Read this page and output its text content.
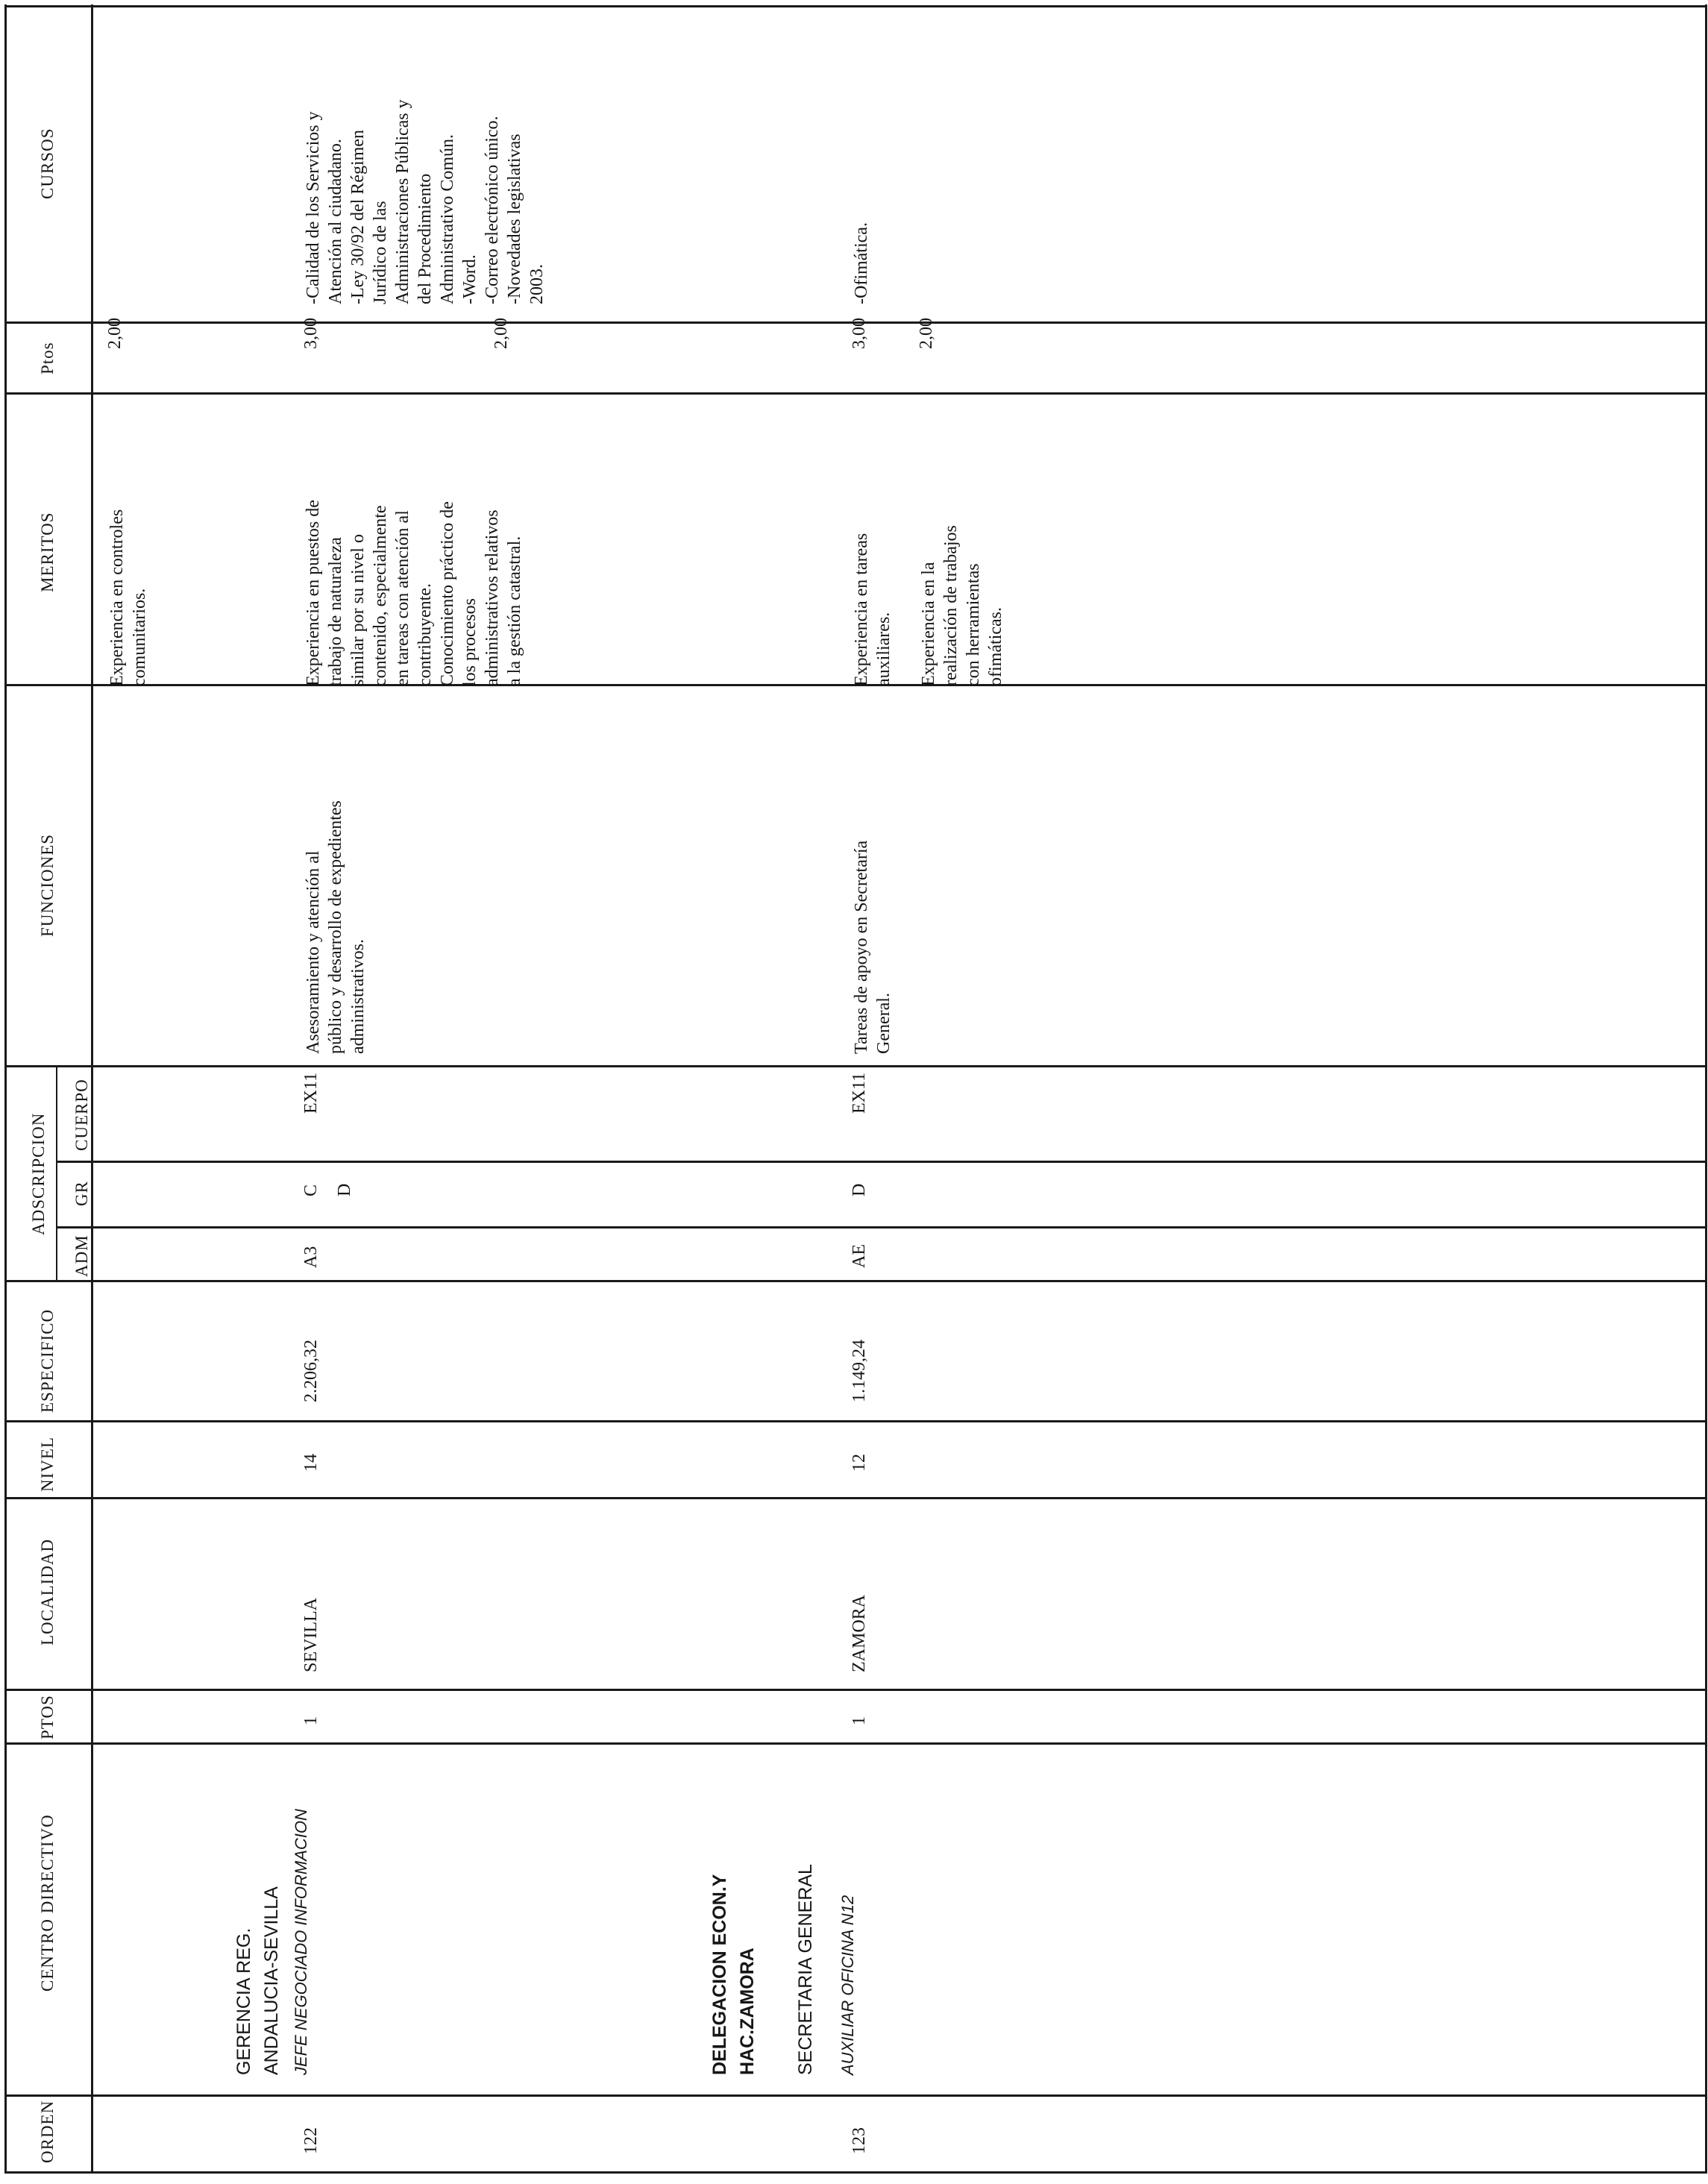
ORDEN
CENTRO DIRECTIVO
PTOS
LOCALIDAD
NIVEL
ESPECIFICO
ADSCRIPCION
ADM
GR
CUERPO
FUNCIONES
MERITOS
Ptos
CURSOS
Experiencia en controles
comunitarios.
2,00
122
GERENCIA REG. ANDALUCIA-SEVILLA JEFE NEGOCIADO INFORMACION
1
SEVILLA
14
2.206,32
A3
C D
EX11
Asesoramiento y atención al
público y desarrollo de expedientes
administrativos.
Experiencia en puestos de
trabajo de naturaleza
similar por su nivel o
contenido, especialmente
en tareas con atención al
contribuyente. Conocimiento práctico de
los procesos
administrativos relativos
a la gestión catastral.
3,00	2,00
-Calidad de los Servicios y
Atención al ciudadano.
-Ley 30/92 del Régimen
Jurídico de las
Administraciones Públicas y
del Procedimiento
Administrativo Común.
-Word.
-Correo electrónico único.
-Novedades legislativas
2003.
123
DELEGACION ECON.Y HAC.ZAMORA SECRETARIA GENERAL AUXILIAR OFICINA N12
1
ZAMORA
12
1.149,24
AE
D
EX11
Tareas de apoyo en Secretaría
General.
Experiencia en tareas
auxiliares. Experiencia en la
realización de trabajos
con herramientas
ofimáticas.
3,00	2,00
-Ofimática.
